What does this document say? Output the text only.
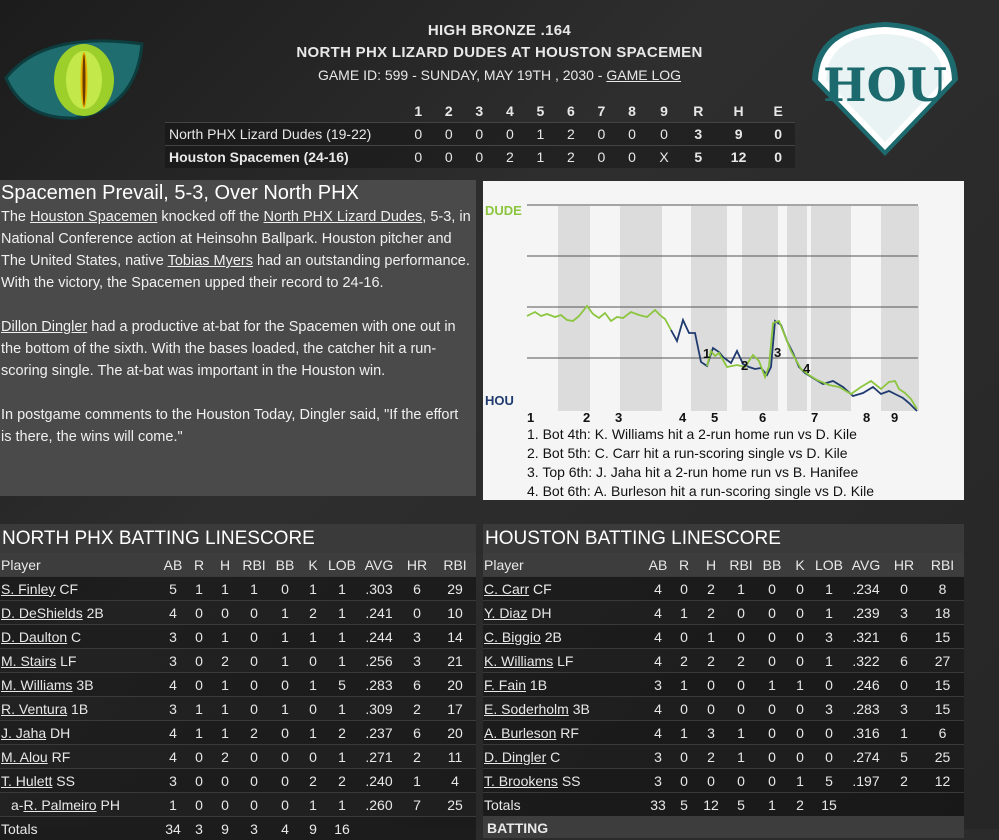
HIGH BRONZE .164
NORTH PHX LIZARD DUDES AT HOUSTON SPACEMEN
GAME ID: 599 - SUNDAY, MAY 19TH , 2030 - GAME LOG	HOU
	1	2	3	4	5	6	7	8	9	R	H	E
North PHX Lizard Dudes (19-22)	0	0	0	0	1	2	0	0	0	3	9	0
Houston Spacemen (24-16)	0	0	0	2	1	2	0	0	X	5	12	0
Spacemen Prevail, 5-3, Over North PHX

The Houston Spacemen knocked off the North PHX Lizard Dudes, 5-3, in National Conference action at Heinsohn Ballpark. Houston pitcher and The United States, native Tobias Myers had an outstanding performance. With the victory, the Spacemen upped their record to 24-16.

Dillon Dingler had a productive at-bat for the Spacemen with one out in the bottom of the sixth. With the bases loaded, the catcher hit a run-scoring single. The at-bat was important in the Houston win.

In postgame comments to the Houston Today, Dingler said, "If the effort is there, the wins will come."

DUDE
HOU
1
2
3
4
1	2 3	4 5	6	7	8 9
1. Bot 4th: K. Williams hit a 2-run home run vs D. Kile
2. Bot 5th: C. Carr hit a run-scoring single vs D. Kile
3. Top 6th: J. Jaha hit a 2-run home run vs B. Hanifee
4. Bot 6th: A. Burleson hit a run-scoring single vs D. Kile
NORTH PHX BATTING LINESCORE
Player	AB	R	H	RBI	BB	K	LOB	AVG	HR	RBI
S. Finley CF	5	1	1	1	0	1	1	.303	6	29
D. DeShields 2B	4	0	0	0	1	2	1	.241	0	10
D. Daulton C	3	0	1	0	1	1	1	.244	3	14
M. Stairs LF	3	0	2	0	1	0	1	.256	3	21
M. Williams 3B	4	0	1	0	0	1	5	.283	6	20
R. Ventura 1B	3	1	1	0	1	0	1	.309	2	17
J. Jaha DH	4	1	1	2	0	1	2	.237	6	20
M. Alou RF	4	0	2	0	0	0	1	.271	2	11
T. Hulett SS	3	0	0	0	0	2	2	.240	1	4
a-R. Palmeiro PH	1	0	0	0	0	1	1	.260	7	25
Totals	34	3	9	3	4	9	16			
HOUSTON BATTING LINESCORE
Player	AB	R	H	RBI	BB	K	LOB	AVG	HR	RBI
C. Carr CF	4	0	2	1	0	0	1	.234	0	8
Y. Diaz DH	4	1	2	0	0	0	1	.239	3	18
C. Biggio 2B	4	0	1	0	0	0	3	.321	6	15
K. Williams LF	4	2	2	2	0	0	1	.322	6	27
F. Fain 1B	3	1	0	0	1	1	0	.246	0	15
E. Soderholm 3B	4	0	0	0	0	0	3	.283	3	15
A. Burleson RF	4	1	3	1	0	0	0	.316	1	6
D. Dingler C	3	0	2	1	0	0	0	.274	5	25
T. Brookens SS	3	0	0	0	0	1	5	.197	2	12
Totals	33	5	12	5	1	2	15			
BATTING
